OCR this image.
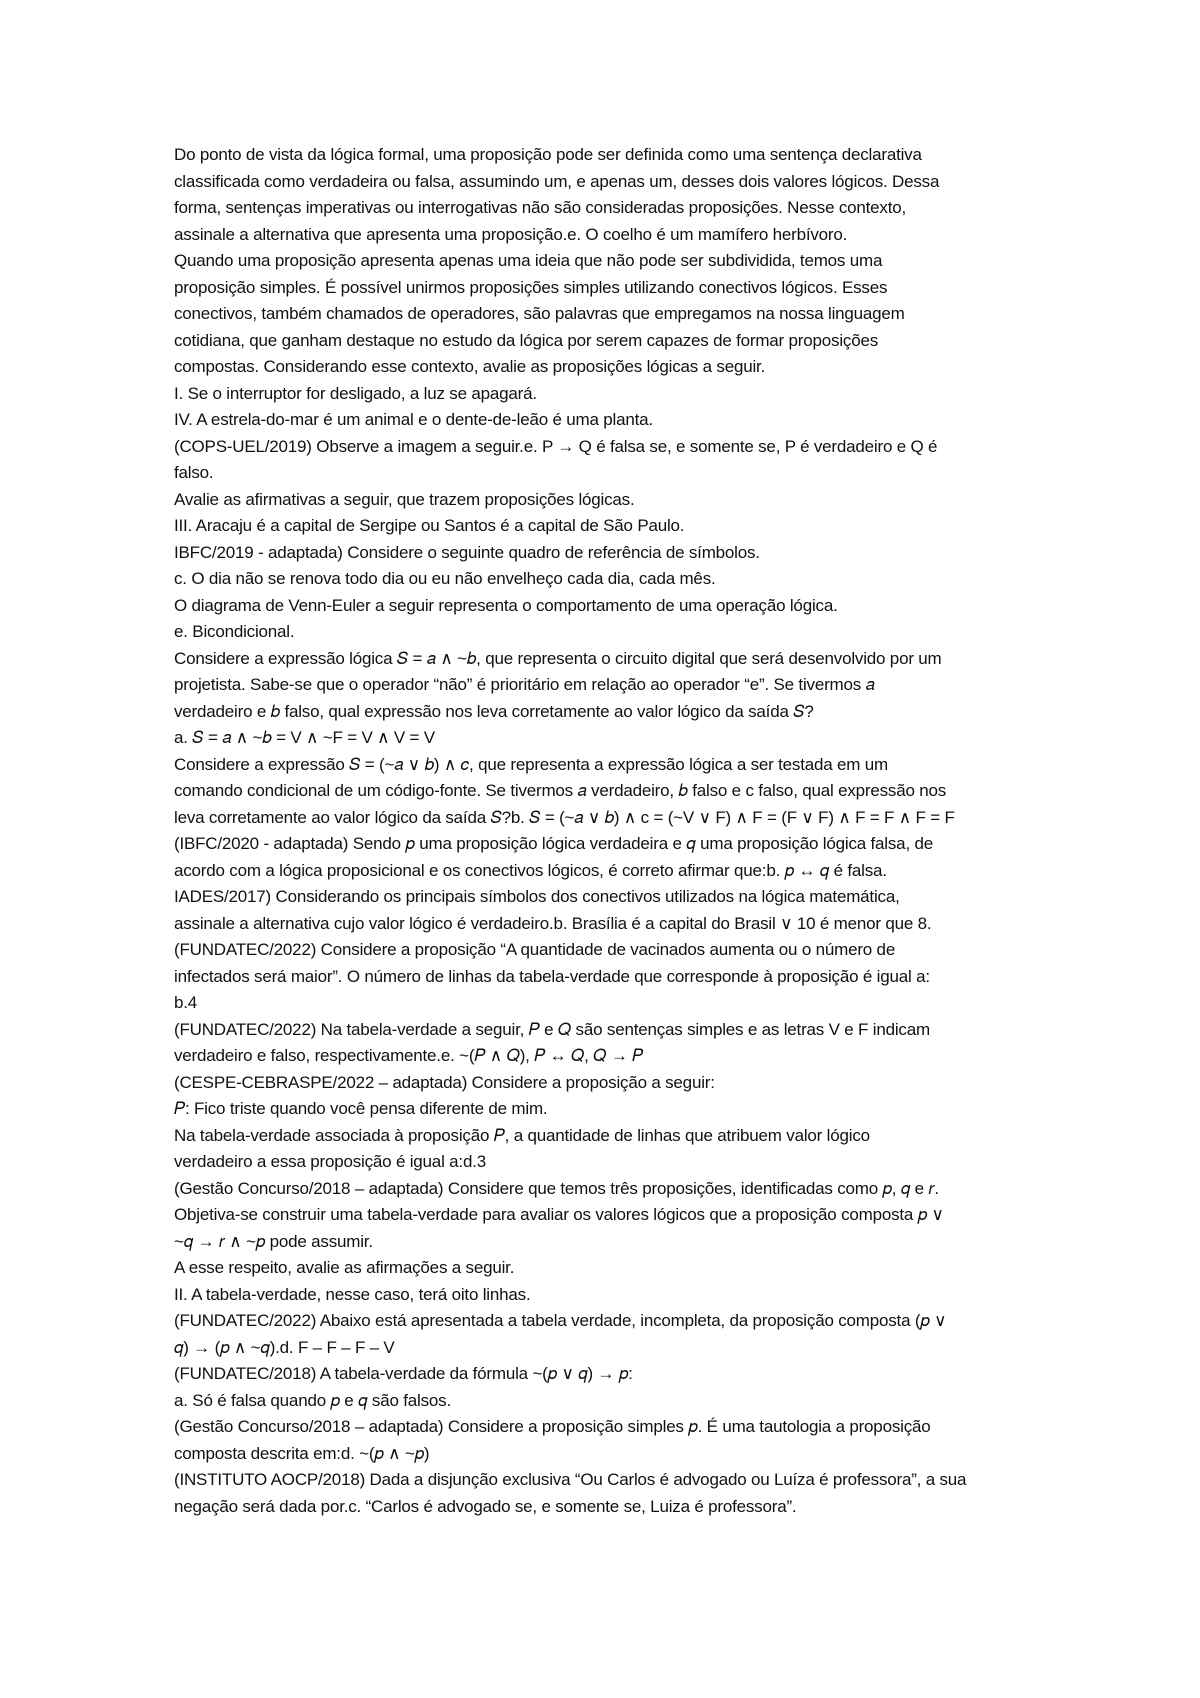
Do ponto de vista da lógica formal, uma proposição pode ser definida como uma sentença declarativa
classificada como verdadeira ou falsa, assumindo um, e apenas um, desses dois valores lógicos. Dessa
forma, sentenças imperativas ou interrogativas não são consideradas proposições. Nesse contexto,
assinale a alternativa que apresenta uma proposição.e. O coelho é um mamífero herbívoro.
Quando uma proposição apresenta apenas uma ideia que não pode ser subdividida, temos uma
proposição simples. É possível unirmos proposições simples utilizando conectivos lógicos. Esses
conectivos, também chamados de operadores, são palavras que empregamos na nossa linguagem
cotidiana, que ganham destaque no estudo da lógica por serem capazes de formar proposições
compostas. Considerando esse contexto, avalie as proposições lógicas a seguir.
I. Se o interruptor for desligado, a luz se apagará.
IV. A estrela-do-mar é um animal e o dente-de-leão é uma planta.
(COPS-UEL/2019) Observe a imagem a seguir.e. P → Q é falsa se, e somente se, P é verdadeiro e Q é
falso.
Avalie as afirmativas a seguir, que trazem proposições lógicas.
III. Aracaju é a capital de Sergipe ou Santos é a capital de São Paulo.
IBFC/2019 - adaptada) Considere o seguinte quadro de referência de símbolos.
c. O dia não se renova todo dia ou eu não envelheço cada dia, cada mês.
O diagrama de Venn-Euler a seguir representa o comportamento de uma operação lógica.
e. Bicondicional.
Considere a expressão lógica 𝑆 = 𝑎 ∧ ~𝑏, que representa o circuito digital que será desenvolvido por um
projetista. Sabe-se que o operador “não” é prioritário em relação ao operador “e”. Se tivermos 𝑎
verdadeiro e 𝑏 falso, qual expressão nos leva corretamente ao valor lógico da saída 𝑆?
a. 𝑆 = 𝑎 ∧ ~𝑏 = V ∧ ~F = V ∧ V = V
Considere a expressão 𝑆 = (~𝑎 ∨ 𝑏) ∧ 𝑐, que representa a expressão lógica a ser testada em um
comando condicional de um código-fonte. Se tivermos 𝑎 verdadeiro, 𝑏 falso e c falso, qual expressão nos
leva corretamente ao valor lógico da saída 𝑆?b. 𝑆 = (~𝑎 ∨ 𝑏) ∧ c = (~V ∨ F) ∧ F = (F ∨ F) ∧ F = F ∧ F = F
(IBFC/2020 - adaptada) Sendo 𝑝 uma proposição lógica verdadeira e 𝑞 uma proposição lógica falsa, de
acordo com a lógica proposicional e os conectivos lógicos, é correto afirmar que:b. 𝑝 ↔ 𝑞 é falsa.
IADES/2017) Considerando os principais símbolos dos conectivos utilizados na lógica matemática,
assinale a alternativa cujo valor lógico é verdadeiro.b. Brasília é a capital do Brasil ∨ 10 é menor que 8.
(FUNDATEC/2022) Considere a proposição “A quantidade de vacinados aumenta ou o número de
infectados será maior”. O número de linhas da tabela-verdade que corresponde à proposição é igual a:
b.4
(FUNDATEC/2022) Na tabela-verdade a seguir, 𝑃 e 𝑄 são sentenças simples e as letras V e F indicam
verdadeiro e falso, respectivamente.e. ~(𝑃 ∧ 𝑄), 𝑃 ↔ 𝑄, 𝑄 → 𝑃
(CESPE-CEBRASPE/2022 – adaptada) Considere a proposição a seguir:
𝑃: Fico triste quando você pensa diferente de mim.
Na tabela-verdade associada à proposição 𝑃, a quantidade de linhas que atribuem valor lógico
verdadeiro a essa proposição é igual a:d.3
(Gestão Concurso/2018 – adaptada) Considere que temos três proposições, identificadas como 𝑝, 𝑞 e 𝑟.
Objetiva-se construir uma tabela-verdade para avaliar os valores lógicos que a proposição composta 𝑝 ∨
~𝑞 → 𝑟 ∧ ~𝑝 pode assumir.
A esse respeito, avalie as afirmações a seguir.
II. A tabela-verdade, nesse caso, terá oito linhas.
(FUNDATEC/2022) Abaixo está apresentada a tabela verdade, incompleta, da proposição composta (𝑝 ∨
𝑞) → (𝑝 ∧ ~𝑞).d. F – F – F – V
(FUNDATEC/2018) A tabela-verdade da fórmula ~(𝑝 ∨ 𝑞) → 𝑝:
a. Só é falsa quando 𝑝 e 𝑞 são falsos.
(Gestão Concurso/2018 – adaptada) Considere a proposição simples 𝑝. É uma tautologia a proposição
composta descrita em:d. ~(𝑝 ∧ ~𝑝)
(INSTITUTO AOCP/2018) Dada a disjunção exclusiva “Ou Carlos é advogado ou Luíza é professora”, a sua
negação será dada por.c. “Carlos é advogado se, e somente se, Luiza é professora”.
